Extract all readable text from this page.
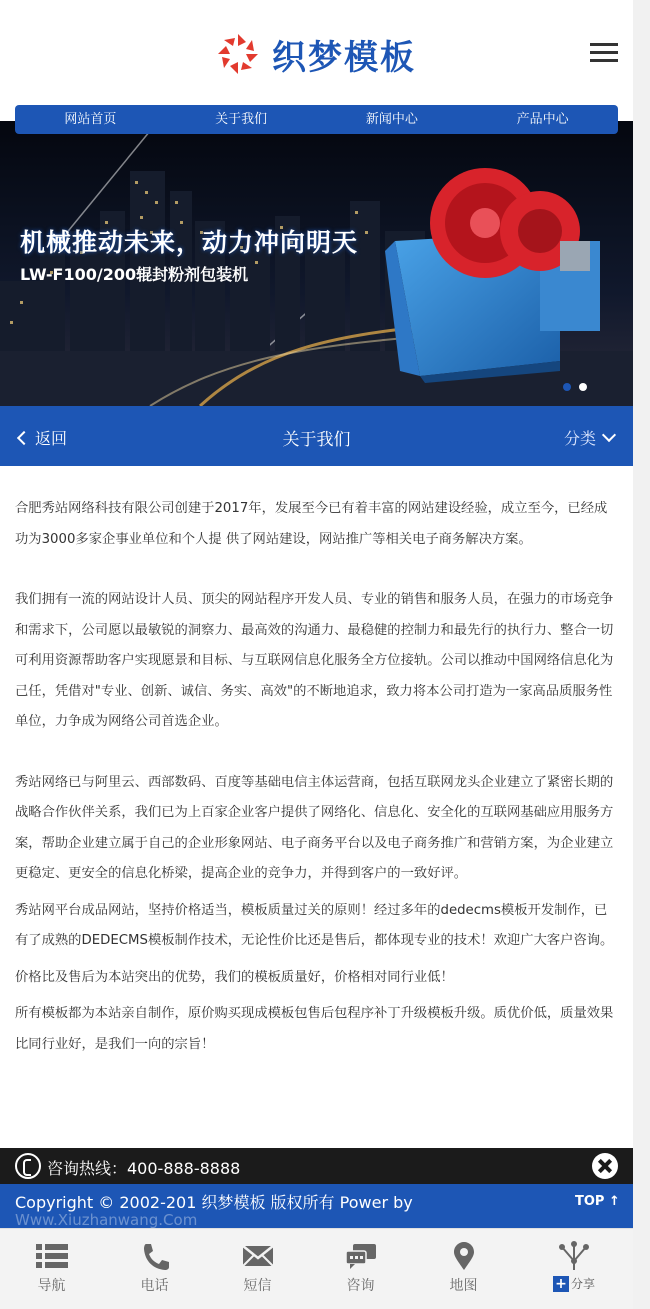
织梦模板
机械推动未来，动力冲向明天
LW-F100/200辊封粉剂包装机
网站首页	关于我们	新闻中心	产品中心
返回	关于我们	分类

合肥秀站网络科技有限公司创建于2017年，发展至今已有着丰富的网站建设经验，成立至今，已经成功为3000多家企事业单位和个人提 供了网站建设，网站推广等相关电子商务解决方案。

我们拥有一流的网站设计人员、顶尖的网站程序开发人员、专业的销售和服务人员，在强力的市场竞争和需求下，公司愿以最敏锐的洞察力、最高效的沟通力、最稳健的控制力和最先行的执行力、整合一切可利用资源帮助客户实现愿景和目标、与互联网信息化服务全方位接轨。公司以推动中国网络信息化为己任，凭借对"专业、创新、诚信、务实、高效"的不断地追求，致力将本公司打造为一家高品质服务性单位，力争成为网络公司首选企业。

秀站网络已与阿里云、西部数码、百度等基础电信主体运营商，包括互联网龙头企业建立了紧密长期的战略合作伙伴关系，我们已为上百家企业客户提供了网络化、信息化、安全化的互联网基础应用服务方案，帮助企业建立属于自己的企业形象网站、电子商务平台以及电子商务推广和营销方案，为企业建立更稳定、更安全的信息化桥梁，提高企业的竞争力，并得到客户的一致好评。

秀站网平台成品网站，坚持价格适当，模板质量过关的原则！经过多年的dedecms模板开发制作，已有了成熟的DEDECMS模板制作技术，无论性价比还是售后，都体现专业的技术！欢迎广大客户咨询。

价格比及售后为本站突出的优势，我们的模板质量好，价格相对同行业低！

所有模板都为本站亲自制作，原价购买现成模板包售后包程序补丁升级模板升级。质优价低，质量效果比同行业好，是我们一向的宗旨！

咨询热线：400-888-8888
Copyright © 2002-201 织梦模板 版权所有 Power by
Www.Xiuzhanwang.Com
TOP ↑
导航	电话	短信	咨询	地图	+ 分享
